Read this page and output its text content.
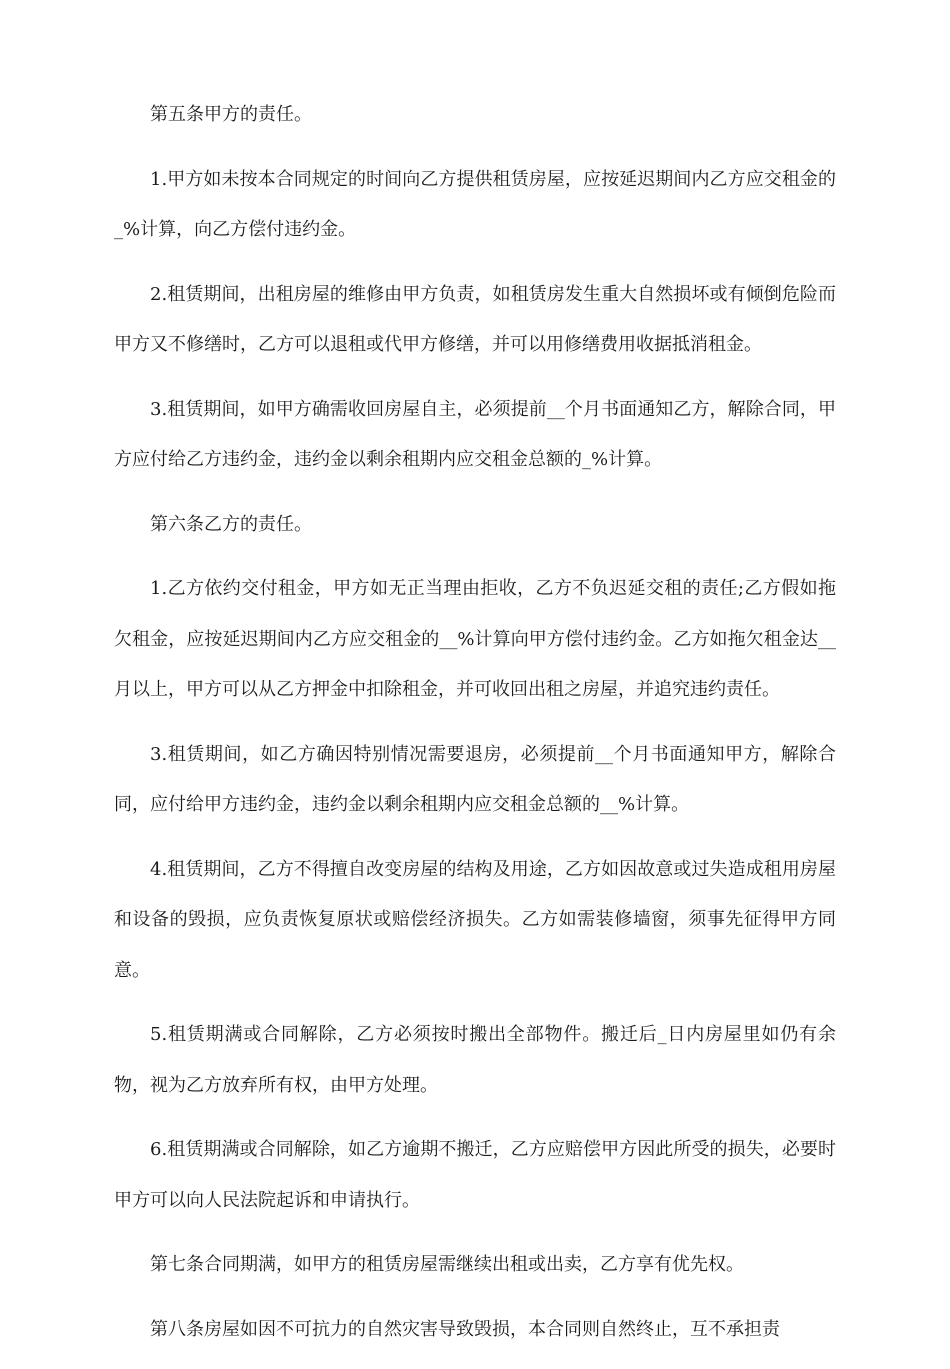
第五条甲方的责任。

1.甲方如未按本合同规定的时间向乙方提供租赁房屋，应按延迟期间内乙方应交租金的_%计算，向乙方偿付违约金。

2.租赁期间，出租房屋的维修由甲方负责，如租赁房发生重大自然损坏或有倾倒危险而甲方又不修缮时，乙方可以退租或代甲方修缮，并可以用修缮费用收据抵消租金。

3.租赁期间，如甲方确需收回房屋自主，必须提前__个月书面通知乙方，解除合同，甲方应付给乙方违约金，违约金以剩余租期内应交租金总额的_%计算。

第六条乙方的责任。

1.乙方依约交付租金，甲方如无正当理由拒收，乙方不负迟延交租的责任;乙方假如拖欠租金，应按延迟期间内乙方应交租金的__%计算向甲方偿付违约金。乙方如拖欠租金达__月以上，甲方可以从乙方押金中扣除租金，并可收回出租之房屋，并追究违约责任。

3.租赁期间，如乙方确因特别情况需要退房，必须提前__个月书面通知甲方，解除合同，应付给甲方违约金，违约金以剩余租期内应交租金总额的__%计算。

4.租赁期间，乙方不得擅自改变房屋的结构及用途，乙方如因故意或过失造成租用房屋和设备的毁损，应负责恢复原状或赔偿经济损失。乙方如需装修墙窗，须事先征得甲方同意。

5.租赁期满或合同解除，乙方必须按时搬出全部物件。搬迁后_日内房屋里如仍有余物，视为乙方放弃所有权，由甲方处理。

6.租赁期满或合同解除，如乙方逾期不搬迁，乙方应赔偿甲方因此所受的损失，必要时甲方可以向人民法院起诉和申请执行。

第七条合同期满，如甲方的租赁房屋需继续出租或出卖，乙方享有优先权。

第八条房屋如因不可抗力的自然灾害导致毁损，本合同则自然终止，互不承担责
